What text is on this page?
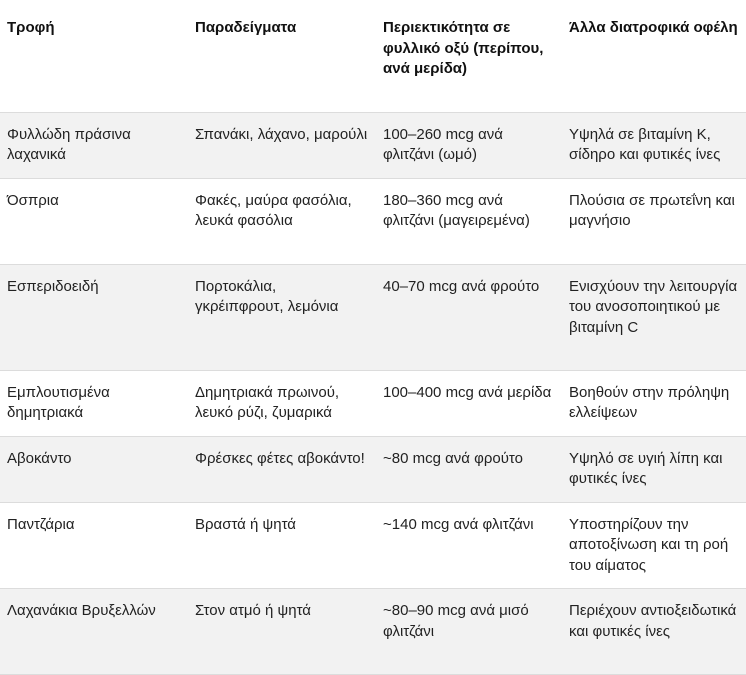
Τροφή	Παραδείγματα	Περιεκτικότητα σε φυλλικό οξύ (περίπου, ανά μερίδα)	Άλλα διατροφικά οφέλη
Φυλλώδη πράσινα λαχανικά	Σπανάκι, λάχανο, μαρούλι	100–260 mcg ανά φλιτζάνι (ωμό)	Υψηλά σε βιταμίνη Κ, σίδηρο και φυτικές ίνες
Όσπρια	Φακές, μαύρα φασόλια, λευκά φασόλια	180–360 mcg ανά φλιτζάνι (μαγειρεμένα)	Πλούσια σε πρωτεΐνη και μαγνήσιο
Εσπεριδοειδή	Πορτοκάλια, γκρέιπφρουτ, λεμόνια	40–70 mcg ανά φρούτο	Ενισχύουν την λειτουργία του ανοσοποιητικού με βιταμίνη C
Εμπλουτισμένα δημητριακά	Δημητριακά πρωινού, λευκό ρύζι, ζυμαρικά	100–400 mcg ανά μερίδα	Βοηθούν στην πρόληψη ελλείψεων
Αβοκάντο	Φρέσκες φέτες αβοκάντο!	~80 mcg ανά φρούτο	Υψηλό σε υγιή λίπη και φυτικές ίνες
Παντζάρια	Βραστά ή ψητά	~140 mcg ανά φλιτζάνι	Υποστηρίζουν την αποτοξίνωση και τη ροή του αίματος
Λαχανάκια Βρυξελλών	Στον ατμό ή ψητά	~80–90 mcg ανά μισό φλιτζάνι	Περιέχουν αντιοξειδωτικά και φυτικές ίνες
